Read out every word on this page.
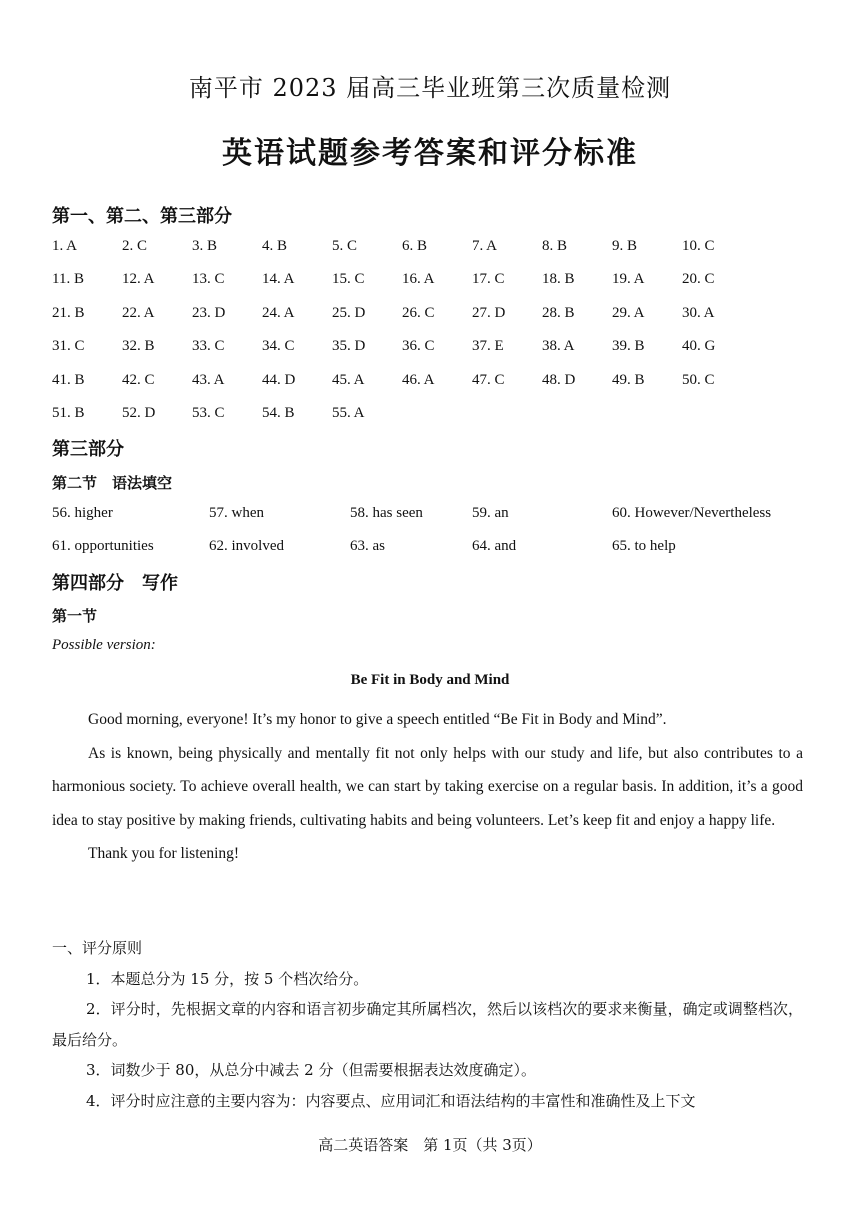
南平市 2023 届高三毕业班第三次质量检测
英语试题参考答案和评分标准
第一、第二、第三部分
1. A	2. C	3. B	4. B	5. C	6. B	7. A	8. B	9. B	10. C
11. B	12. A 13. C 14. A 15. C 16. A 17. C 18. B 19. A 20. C
21. B 22. A 23. D 24. A 25. D 26. C 27. D 28. B 29. A 30. A
31. C 32. B 33. C 34. C 35. D 36. C 37. E	38. A 39. B 40. G
41. B 42. C 43. A 44. D 45. A 46. A 47. C 48. D 49. B 50. C
51. B 52. D 53. C 54. B 55. A
第三部分
第二节　语法填空
56. higher	57. when	58. has seen	59. an	60. However/Nevertheless
61. opportunities	62. involved	63. as	64. and	65. to help
第四部分　写作
第一节
Possible version:
Be Fit in Body and Mind

Good morning, everyone! It’s my honor to give a speech entitled “Be Fit in Body and Mind”.

As is known, being physically and mentally fit not only helps with our study and life, but also contributes to a harmonious society. To achieve overall health, we can start by taking exercise on a regular basis. In addition, it’s a good idea to stay positive by making friends, cultivating habits and being volunteers. Let’s keep fit and enjoy a happy life.

Thank you for listening!

一、评分原则

1．本题总分为 15 分，按 5 个档次给分。

2．评分时，先根据文章的内容和语言初步确定其所属档次，然后以该档次的要求来衡量，确定或调整档次，最后给分。

3．词数少于 80，从总分中减去 2 分（但需要根据表达效度确定）。

4．评分时应注意的主要内容为：内容要点、应用词汇和语法结构的丰富性和准确性及上下文

高二英语答案　第 1页（共 3页）
